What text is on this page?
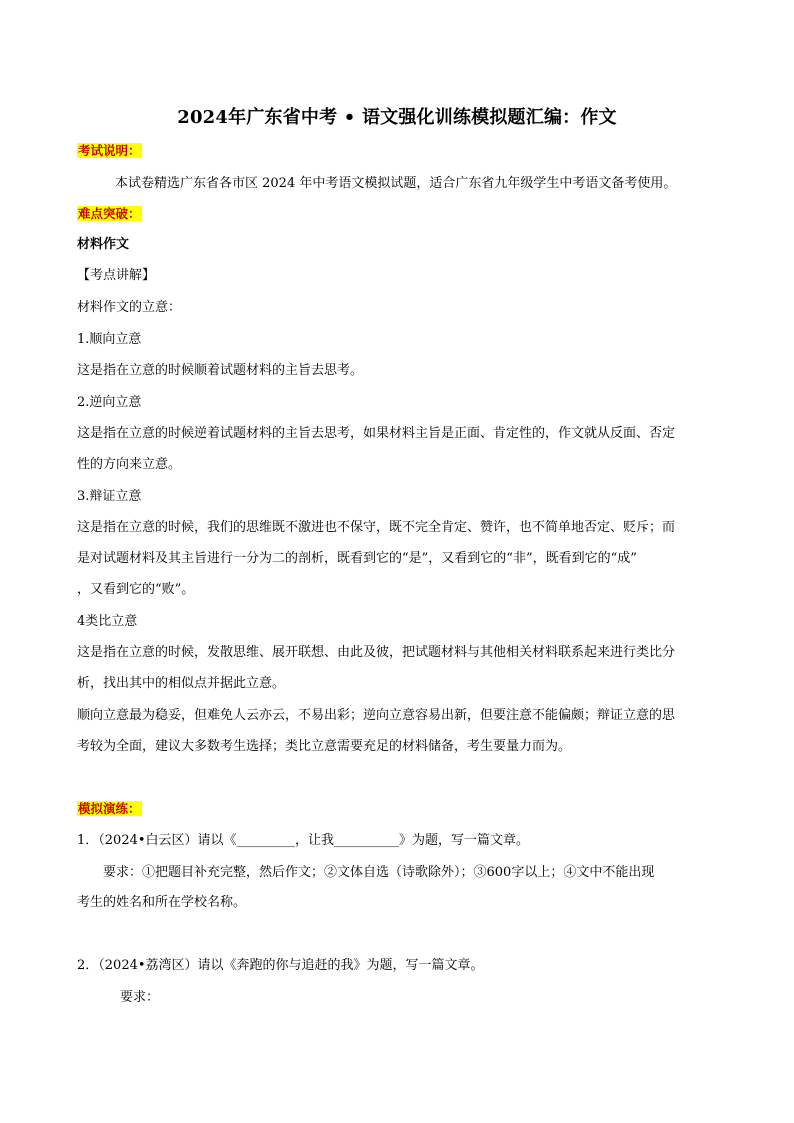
2024年广东省中考 • 语文强化训练模拟题汇编：作文
考试说明：
本试卷精选广东省各市区 2024 年中考语文模拟试题，适合广东省九年级学生中考语文备考使用。
难点突破：
材料作文
【考点讲解】
材料作文的立意：
1.顺向立意
这是指在立意的时候顺着试题材料的主旨去思考。
2.逆向立意
这是指在立意的时候逆着试题材料的主旨去思考，如果材料主旨是正面、肯定性的，作文就从反面、否定
性的方向来立意。
3.辩证立意
这是指在立意的时候，我们的思维既不激进也不保守，既不完全肯定、赞许，也不简单地否定、贬斥；而
是对试题材料及其主旨进行一分为二的剖析，既看到它的“是”，又看到它的“非”，既看到它的“成”
，又看到它的“败”。
4类比立意
这是指在立意的时候，发散思维、展开联想、由此及彼，把试题材料与其他相关材料联系起来进行类比分
析，找出其中的相似点并据此立意。
顺向立意最为稳妥，但难免人云亦云，不易出彩；逆向立意容易出新，但要注意不能偏颇；辩证立意的思
考较为全面，建议大多数考生选择；类比立意需要充足的材料储备，考生要量力而为。
模拟演练：
1．（2024•白云区）请以《_________，让我__________》为题，写一篇文章。
要求：①把题目补充完整，然后作文；②文体自选（诗歌除外）；③600字以上；④文中不能出现
考生的姓名和所在学校名称。
2．（2024•荔湾区）请以《奔跑的你与追赶的我》为题，写一篇文章。
要求：
